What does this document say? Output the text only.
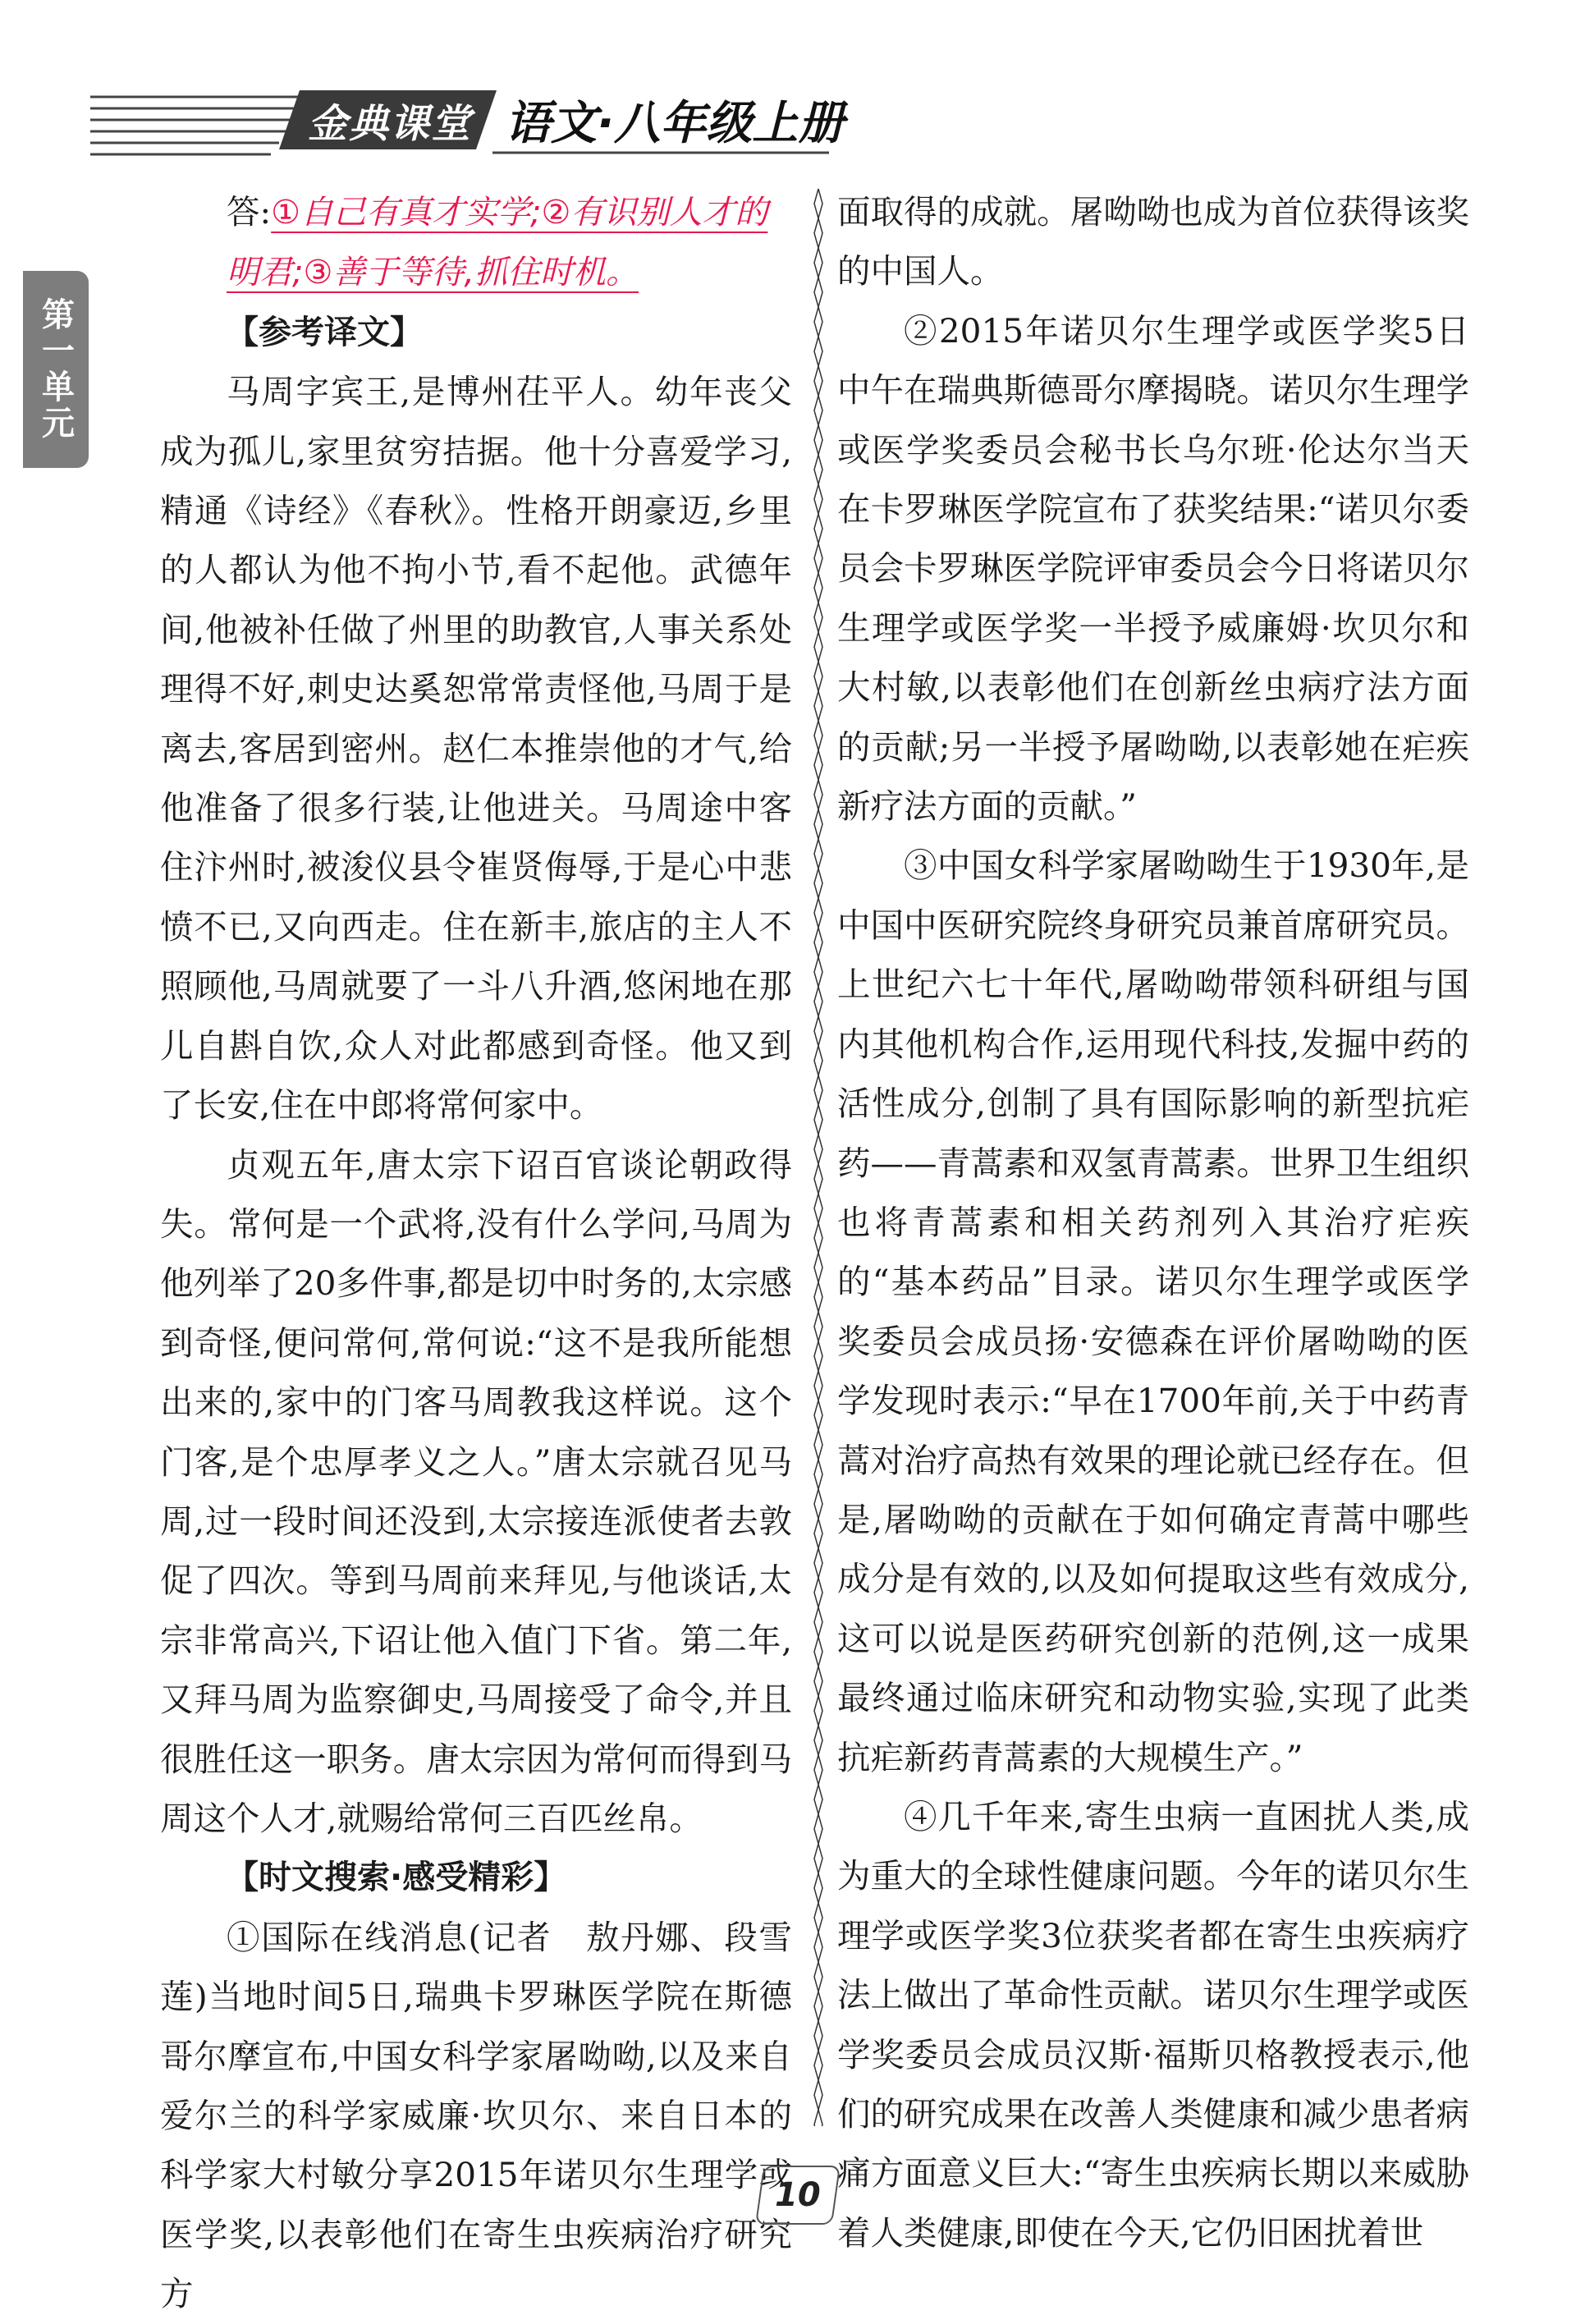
金典课堂 语文·八年级上册
第一单元

答:①自己有真才实学;②有识别人才的

明君;③善于等待,抓住时机。

【参考译文】

马周字宾王,是博州茌平人。幼年丧父成为孤儿,家里贫穷拮据。他十分喜爱学习,精通《诗经》《春秋》。性格开朗豪迈,乡里的人都认为他不拘小节,看不起他。武德年间,他被补任做了州里的助教官,人事关系处理得不好,刺史达奚恕常常责怪他,马周于是离去,客居到密州。赵仁本推崇他的才气,给他准备了很多行装,让他进关。马周途中客住汴州时,被浚仪县令崔贤侮辱,于是心中悲愤不已,又向西走。住在新丰,旅店的主人不照顾他,马周就要了一斗八升酒,悠闲地在那儿自斟自饮,众人对此都感到奇怪。他又到了长安,住在中郎将常何家中。

贞观五年,唐太宗下诏百官谈论朝政得失。常何是一个武将,没有什么学问,马周为他列举了20多件事,都是切中时务的,太宗感到奇怪,便问常何,常何说:“这不是我所能想出来的,家中的门客马周教我这样说。这个门客,是个忠厚孝义之人。”唐太宗就召见马周,过一段时间还没到,太宗接连派使者去敦促了四次。等到马周前来拜见,与他谈话,太宗非常高兴,下诏让他入值门下省。第二年,又拜马周为监察御史,马周接受了命令,并且很胜任这一职务。唐太宗因为常何而得到马周这个人才,就赐给常何三百匹丝帛。

【时文搜索·感受精彩】

①国际在线消息(记者　敖丹娜、段雪莲)当地时间5日,瑞典卡罗琳医学院在斯德哥尔摩宣布,中国女科学家屠呦呦,以及来自爱尔兰的科学家威廉·坎贝尔、来自日本的科学家大村敏分享2015年诺贝尔生理学或医学奖,以表彰他们在寄生虫疾病治疗研究方

面取得的成就。屠呦呦也成为首位获得该奖的中国人。

②2015年诺贝尔生理学或医学奖5日中午在瑞典斯德哥尔摩揭晓。诺贝尔生理学或医学奖委员会秘书长乌尔班·伦达尔当天在卡罗琳医学院宣布了获奖结果:“诺贝尔委员会卡罗琳医学院评审委员会今日将诺贝尔生理学或医学奖一半授予威廉姆·坎贝尔和大村敏,以表彰他们在创新丝虫病疗法方面的贡献;另一半授予屠呦呦,以表彰她在疟疾新疗法方面的贡献。”

③中国女科学家屠呦呦生于1930年,是中国中医研究院终身研究员兼首席研究员。上世纪六七十年代,屠呦呦带领科研组与国内其他机构合作,运用现代科技,发掘中药的活性成分,创制了具有国际影响的新型抗疟药——青蒿素和双氢青蒿素。世界卫生组织也将青蒿素和相关药剂列入其治疗疟疾的“基本药品”目录。诺贝尔生理学或医学奖委员会成员扬·安德森在评价屠呦呦的医学发现时表示:“早在1700年前,关于中药青蒿对治疗高热有效果的理论就已经存在。但是,屠呦呦的贡献在于如何确定青蒿中哪些成分是有效的,以及如何提取这些有效成分,这可以说是医药研究创新的范例,这一成果最终通过临床研究和动物实验,实现了此类抗疟新药青蒿素的大规模生产。”

④几千年来,寄生虫病一直困扰人类,成为重大的全球性健康问题。今年的诺贝尔生理学或医学奖3位获奖者都在寄生虫疾病疗法上做出了革命性贡献。诺贝尔生理学或医学奖委员会成员汉斯·福斯贝格教授表示,他们的研究成果在改善人类健康和减少患者病痛方面意义巨大:“寄生虫疾病长期以来威胁着人类健康,即使在今天,它仍旧困扰着世

10
